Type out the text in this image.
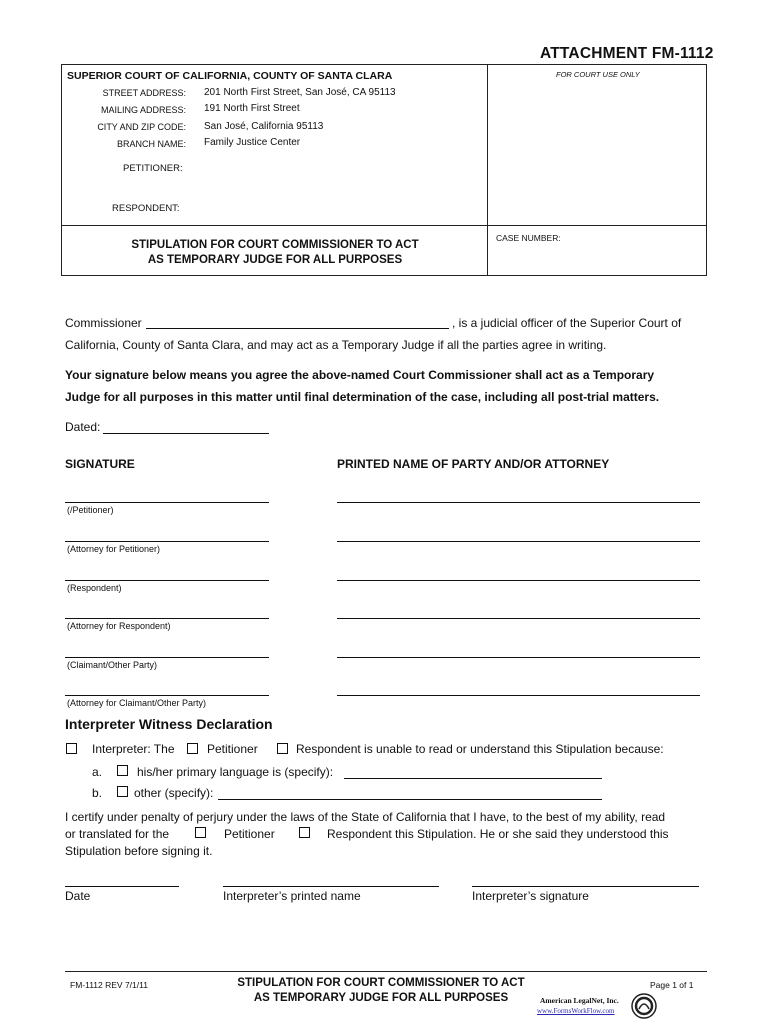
ATTACHMENT FM-1112
SUPERIOR COURT OF CALIFORNIA, COUNTY OF SANTA CLARA	FOR COURT USE ONLY
STREET ADDRESS: 201 North First Street, San José, CA 95113
MAILING ADDRESS: 191 North First Street
CITY AND ZIP CODE: San José, California 95113
BRANCH NAME: Family Justice Center
PETITIONER:
RESPONDENT:
STIPULATION FOR COURT COMMISSIONER TO ACT
AS TEMPORARY JUDGE FOR ALL PURPOSES
CASE NUMBER:
Commissioner	, is a judicial officer of the Superior Court of
California, County of Santa Clara, and may act as a Temporary Judge if all the parties agree in writing.
Your signature below means you agree the above-named Court Commissioner shall act as a Temporary
Judge for all purposes in this matter until final determination of the case, including all post-trial matters.
Dated:
SIGNATURE	PRINTED NAME OF PARTY AND/OR ATTORNEY
(/Petitioner)
(Attorney for Petitioner)
(Respondent)
(Attorney for Respondent)
(Claimant/Other Party)
(Attorney for Claimant/Other Party)
Interpreter Witness Declaration
Interpreter: The	Petitioner	Respondent is unable to read or understand this Stipulation because:
a.	his/her primary language is (specify):
b.	other (specify):
I certify under penalty of perjury under the laws of the State of California that I have, to the best of my ability, read
or translated for the	Petitioner	Respondent this Stipulation. He or she said they understood this
Stipulation before signing it.
Date	Interpreter’s printed name	Interpreter’s signature
FM-1112 REV 7/1/11	STIPULATION FOR COURT COMMISSIONER TO ACT
AS TEMPORARY JUDGE FOR ALL PURPOSES
Page 1 of 1
American LegalNet, Inc.
www.FormsWorkFlow.com
